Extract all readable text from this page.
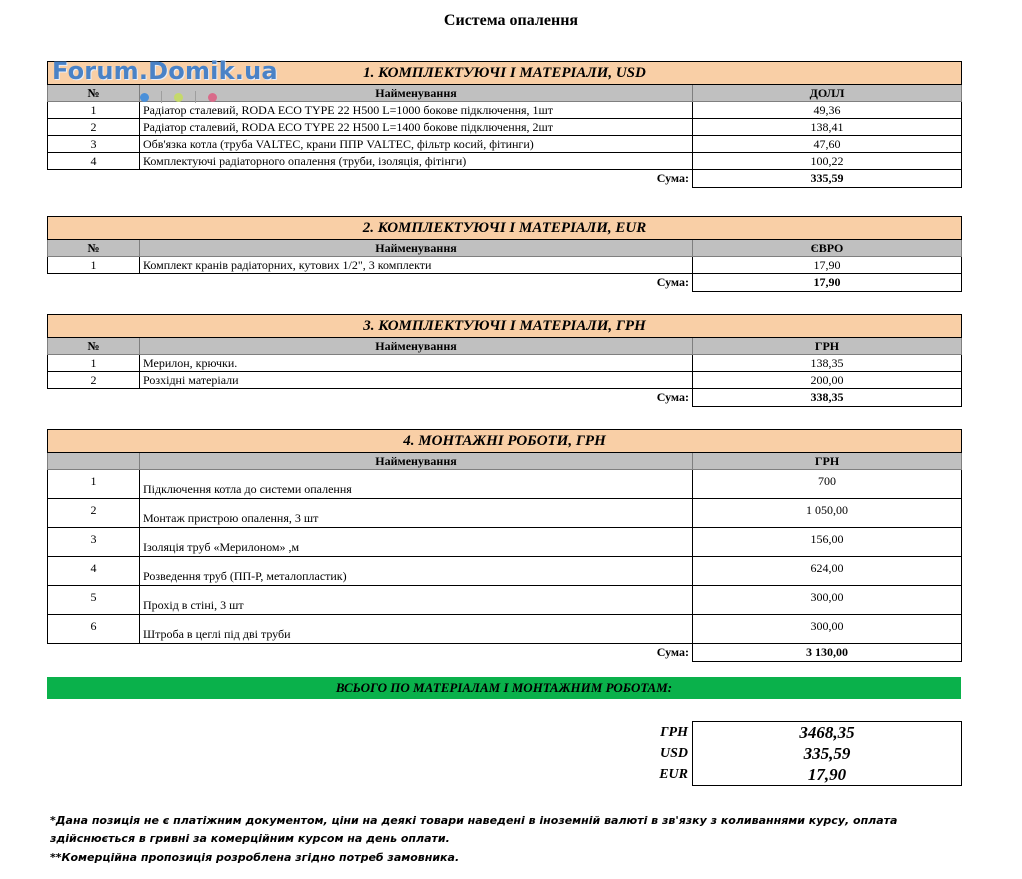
Система опалення
1. КОМПЛЕКТУЮЧІ І МАТЕРІАЛИ, USD		
№	Найменування	ДОЛЛ
1	Радіатор сталевий, RODA ECO TYPE 22 H500 L=1000 бокове підключення, 1шт	49,36
2	Радіатор сталевий, RODA ECO TYPE 22 H500 L=1400 бокове підключення, 2шт	138,41
3	Обв'язка котла (труба VALTEC, крани ППР VALTEC, фільтр косий, фітинги)	47,60
4	Комплектуючі радіаторного опалення (труби, ізоляція, фітінги)	100,22
	Сума:	335,59
Forum.Domik.ua
2. КОМПЛЕКТУЮЧІ І МАТЕРІАЛИ, EUR		
№	Найменування	ЄВРО
1	Комплект кранів радіаторних, кутових 1/2", 3 комплекти	17,90
	Сума:	17,90
3. КОМПЛЕКТУЮЧІ І МАТЕРІАЛИ, ГРН		
№	Найменування	ГРН
1	Мерилон, крючки.	138,35
2	Розхідні матеріали	200,00
	Сума:	338,35
4. МОНТАЖНІ РОБОТИ, ГРН		
	Найменування	ГРН
1	Підключення котла до системи опалення	700
2	Монтаж пристрою опалення, 3 шт	1 050,00
3	Ізоляція труб «Мерилоном» ,м	156,00
4	Розведення труб (ПП-Р, металопластик)	624,00
5	Прохід в стіні, 3 шт	300,00
6	Штроба в цеглі під дві труби	300,00
	Сума:	3 130,00
ВСЬОГО ПО МАТЕРІАЛАМ І МОНТАЖНИМ РОБОТАМ:
ГРН	3468,35
USD	335,59
EUR	17,90
*Дана позиція не є платіжним документом, ціни на деякі товари наведені в іноземній валюті в зв'язку з коливаннями курсу, оплата
здійснюється в гривні за комерційним курсом на день оплати.
**Комерційна пропозиція розроблена згідно потреб замовника.
